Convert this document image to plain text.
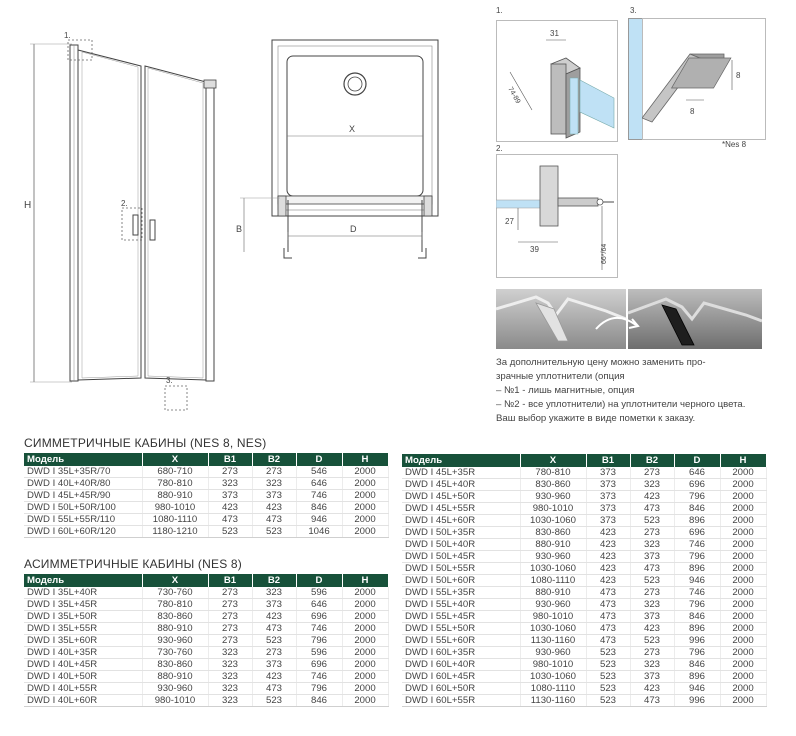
H
1.
2.
3.
X
B	D
1.
31
74-89
3.
8
8
*Nes 8
2.
27
39	66*/64
За дополнительную цену можно заменить про-
зрачные уплотнители (опция
– №1 - лишь магнитные, опция
– №2 - все уплотнители) на уплотнители черного цвета.
Ваш выбор укажите в виде пометки к заказу.
СИММЕТРИЧНЫЕ КАБИНЫ (NES 8, NES)
Модель	X	B1	B2	D	H
DWD I 35L+35R/70	680-710	273	273	546	2000
DWD I 40L+40R/80	780-810	323	323	646	2000
DWD I 45L+45R/90	880-910	373	373	746	2000
DWD I 50L+50R/100	980-1010	423	423	846	2000
DWD I 55L+55R/110	1080-1110	473	473	946	2000
DWD I 60L+60R/120	1180-1210	523	523	1046	2000
АСИММЕТРИЧНЫЕ КАБИНЫ (NES 8)
Модель	X	B1	B2	D	H
DWD I 35L+40R	730-760	273	323	596	2000
DWD I 35L+45R	780-810	273	373	646	2000
DWD I 35L+50R	830-860	273	423	696	2000
DWD I 35L+55R	880-910	273	473	746	2000
DWD I 35L+60R	930-960	273	523	796	2000
DWD I 40L+35R	730-760	323	273	596	2000
DWD I 40L+45R	830-860	323	373	696	2000
DWD I 40L+50R	880-910	323	423	746	2000
DWD I 40L+55R	930-960	323	473	796	2000
DWD I 40L+60R	980-1010	323	523	846	2000
Модель	X	B1	B2	D	H
DWD I 45L+35R	780-810	373	273	646	2000
DWD I 45L+40R	830-860	373	323	696	2000
DWD I 45L+50R	930-960	373	423	796	2000
DWD I 45L+55R	980-1010	373	473	846	2000
DWD I 45L+60R	1030-1060	373	523	896	2000
DWD I 50L+35R	830-860	423	273	696	2000
DWD I 50L+40R	880-910	423	323	746	2000
DWD I 50L+45R	930-960	423	373	796	2000
DWD I 50L+55R	1030-1060	423	473	896	2000
DWD I 50L+60R	1080-1110	423	523	946	2000
DWD I 55L+35R	880-910	473	273	746	2000
DWD I 55L+40R	930-960	473	323	796	2000
DWD I 55L+45R	980-1010	473	373	846	2000
DWD I 55L+50R	1030-1060	473	423	896	2000
DWD I 55L+60R	1130-1160	473	523	996	2000
DWD I 60L+35R	930-960	523	273	796	2000
DWD I 60L+40R	980-1010	523	323	846	2000
DWD I 60L+45R	1030-1060	523	373	896	2000
DWD I 60L+50R	1080-1110	523	423	946	2000
DWD I 60L+55R	1130-1160	523	473	996	2000
